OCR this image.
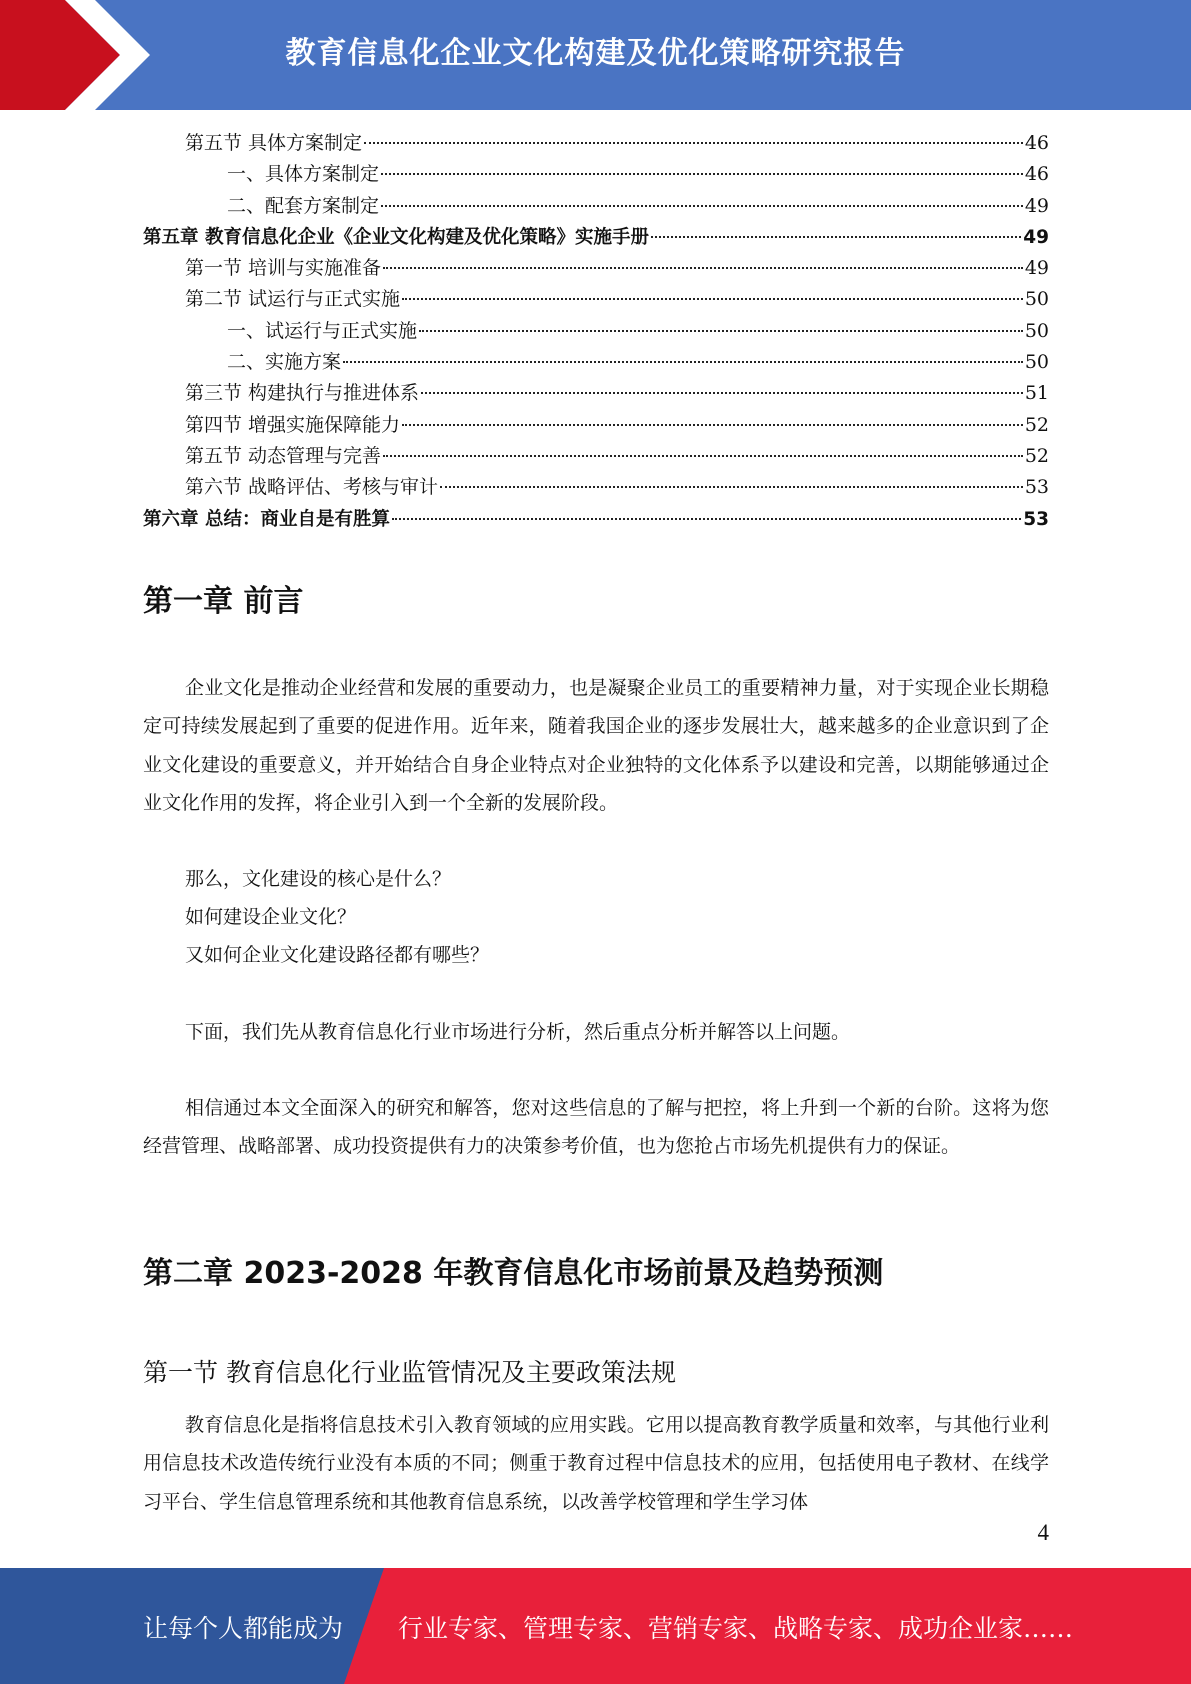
教育信息化企业文化构建及优化策略研究报告
第五节 具体方案制定	46
一、具体方案制定	46
二、配套方案制定	49
第五章 教育信息化企业《企业文化构建及优化策略》实施手册	49
第一节 培训与实施准备	49
第二节 试运行与正式实施	50
一、试运行与正式实施	50
二、实施方案	50
第三节 构建执行与推进体系	51
第四节 增强实施保障能力	52
第五节 动态管理与完善	52
第六节 战略评估、考核与审计	53
第六章 总结：商业自是有胜算	53
第一章 前言

企业文化是推动企业经营和发展的重要动力，也是凝聚企业员工的重要精神力量，对于实现企业长期稳定可持续发展起到了重要的促进作用。近年来，随着我国企业的逐步发展壮大，越来越多的企业意识到了企业文化建设的重要意义，并开始结合自身企业特点对企业独特的文化体系予以建设和完善，以期能够通过企业文化作用的发挥，将企业引入到一个全新的发展阶段。

那么，文化建设的核心是什么？
如何建设企业文化？
又如何企业文化建设路径都有哪些？

下面，我们先从教育信息化行业市场进行分析，然后重点分析并解答以上问题。

相信通过本文全面深入的研究和解答，您对这些信息的了解与把控，将上升到一个新的台阶。这将为您经营管理、战略部署、成功投资提供有力的决策参考价值，也为您抢占市场先机提供有力的保证。

第二章 2023-2028 年教育信息化市场前景及趋势预测
第一节 教育信息化行业监管情况及主要政策法规

教育信息化是指将信息技术引入教育领域的应用实践。它用以提高教育教学质量和效率，与其他行业利用信息技术改造传统行业没有本质的不同；侧重于教育过程中信息技术的应用，包括使用电子教材、在线学习平台、学生信息管理系统和其他教育信息系统，以改善学校管理和学生学习体

4
让每个人都能成为 行业专家、管理专家、营销专家、战略专家、成功企业家……
